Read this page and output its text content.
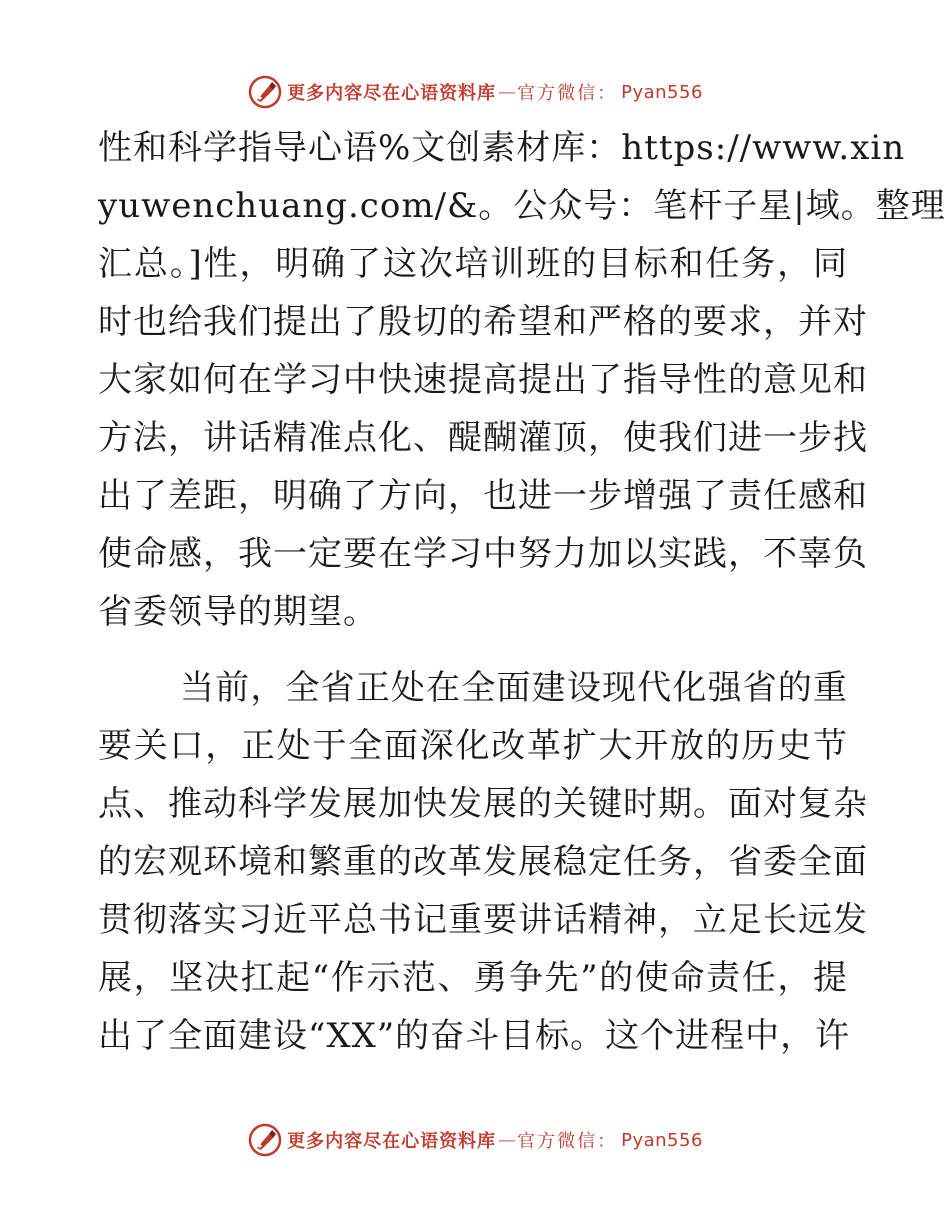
更多内容尽在心语资料库 — 官方微信： Pyan556
性和科学指导心语%文创素材库：https://www.xin
yuwenchuang.com/&。公众号：笔杆子星|域。整理
汇总。]性，明确了这次培训班的目标和任务，同
时也给我们提出了殷切的希望和严格的要求，并对
大家如何在学习中快速提高提出了指导性的意见和
方法，讲话精准点化、醍醐灌顶，使我们进一步找
出了差距，明确了方向，也进一步增强了责任感和
使命感，我一定要在学习中努力加以实践，不辜负
省委领导的期望。
当前，全省正处在全面建设现代化强省的重
要关口，正处于全面深化改革扩大开放的历史节
点、推动科学发展加快发展的关键时期。面对复杂
的宏观环境和繁重的改革发展稳定任务，省委全面
贯彻落实习近平总书记重要讲话精神，立足长远发
展，坚决扛起“作示范、勇争先”的使命责任，提
出了全面建设“XX”的奋斗目标。这个进程中，许
更多内容尽在心语资料库 — 官方微信： Pyan556
